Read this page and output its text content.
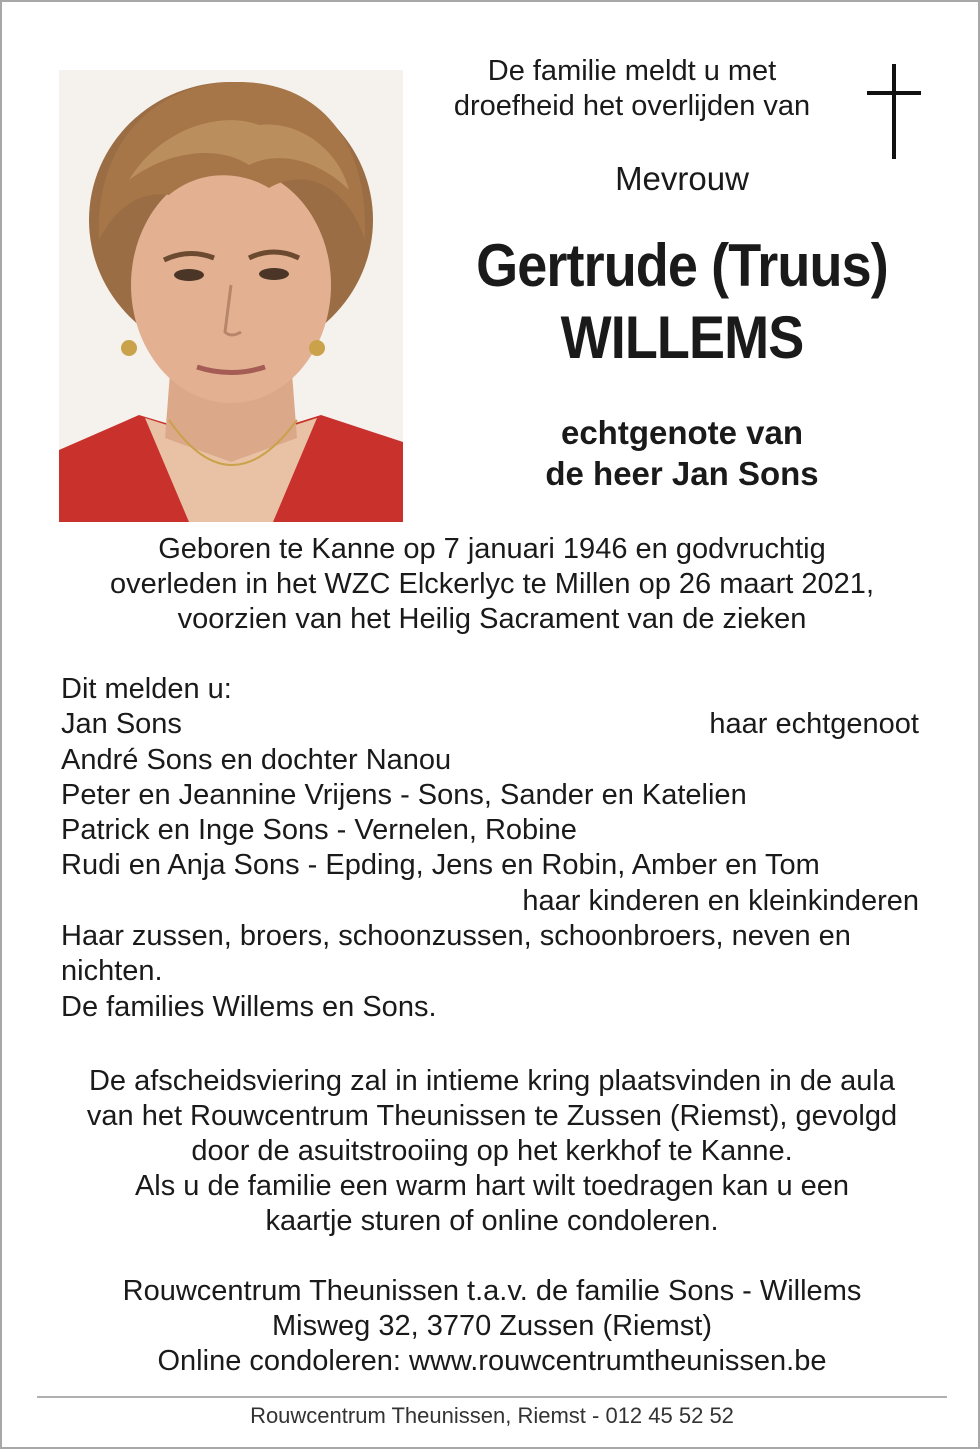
De familie meldt u met
droefheid het overlijden van
Mevrouw
Gertrude (Truus)
WILLEMS
echtgenote van
de heer Jan Sons
Geboren te Kanne op 7 januari 1946 en godvruchtig
overleden in het WZC Elckerlyc te Millen op 26 maart 2021,
voorzien van het Heilig Sacrament van de zieken
Dit melden u:
Jan Sons	haar echtgenoot
André Sons en dochter Nanou
Peter en Jeannine Vrijens - Sons, Sander en Katelien
Patrick en Inge Sons - Vernelen, Robine
Rudi en Anja Sons - Epding, Jens en Robin, Amber en Tom
haar kinderen en kleinkinderen
Haar zussen, broers, schoonzussen, schoonbroers, neven en nichten.
De families Willems en Sons.
De afscheidsviering zal in intieme kring plaatsvinden in de aula
van het Rouwcentrum Theunissen te Zussen (Riemst), gevolgd
door de asuitstrooiing op het kerkhof te Kanne.
Als u de familie een warm hart wilt toedragen kan u een
kaartje sturen of online condoleren.
Rouwcentrum Theunissen t.a.v. de familie Sons - Willems
Misweg 32, 3770 Zussen (Riemst)
Online condoleren: www.rouwcentrumtheunissen.be
Rouwcentrum Theunissen, Riemst - 012 45 52 52
